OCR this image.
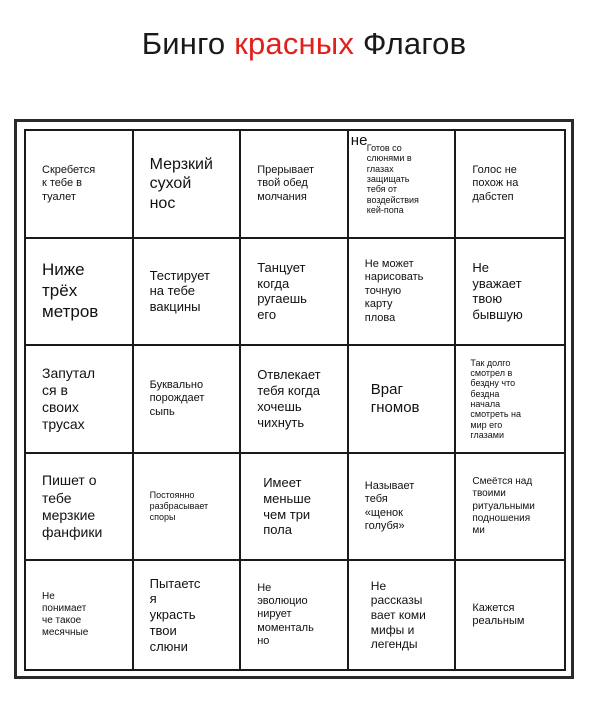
Бинго красных Флагов
Скребется
к тебе в
туалет
Мерзкий
сухой
нос
Прерывает
твой обед
молчания
не Готов со
слюнями в
глазах
защищать
тебя от
воздействия
кей-попа
Голос не
похож на
дабстеп
Ниже
трёх
метров
Тестирует
на тебе
вакцины
Танцует
когда
ругаешь
его
Не может
нарисовать
точную
карту
плова
Не
уважает
твою
бывшую
Запутал
ся в
своих
трусах
Буквально
порождает
сыпь
Отвлекает
тебя когда
хочешь
чихнуть
Враг
гномов
Так долго
смотрел в
бездну что
бездна
начала
смотреть на
мир его
глазами
Пишет о
тебе
мерзкие
фанфики
Постоянно
разбрасывает
споры
Имеет
меньше
чем три
пола
Называет
тебя
«щенок
голубя»
Смеётся над
твоими
ритуальными
подношения
ми
Не
понимает
че такое
месячные
Пытаетс
я
украсть
твои
слюни
Не
эволюцио
нирует
моменталь
но
Не
рассказы
вает коми
мифы и
легенды
Кажется
реальным
